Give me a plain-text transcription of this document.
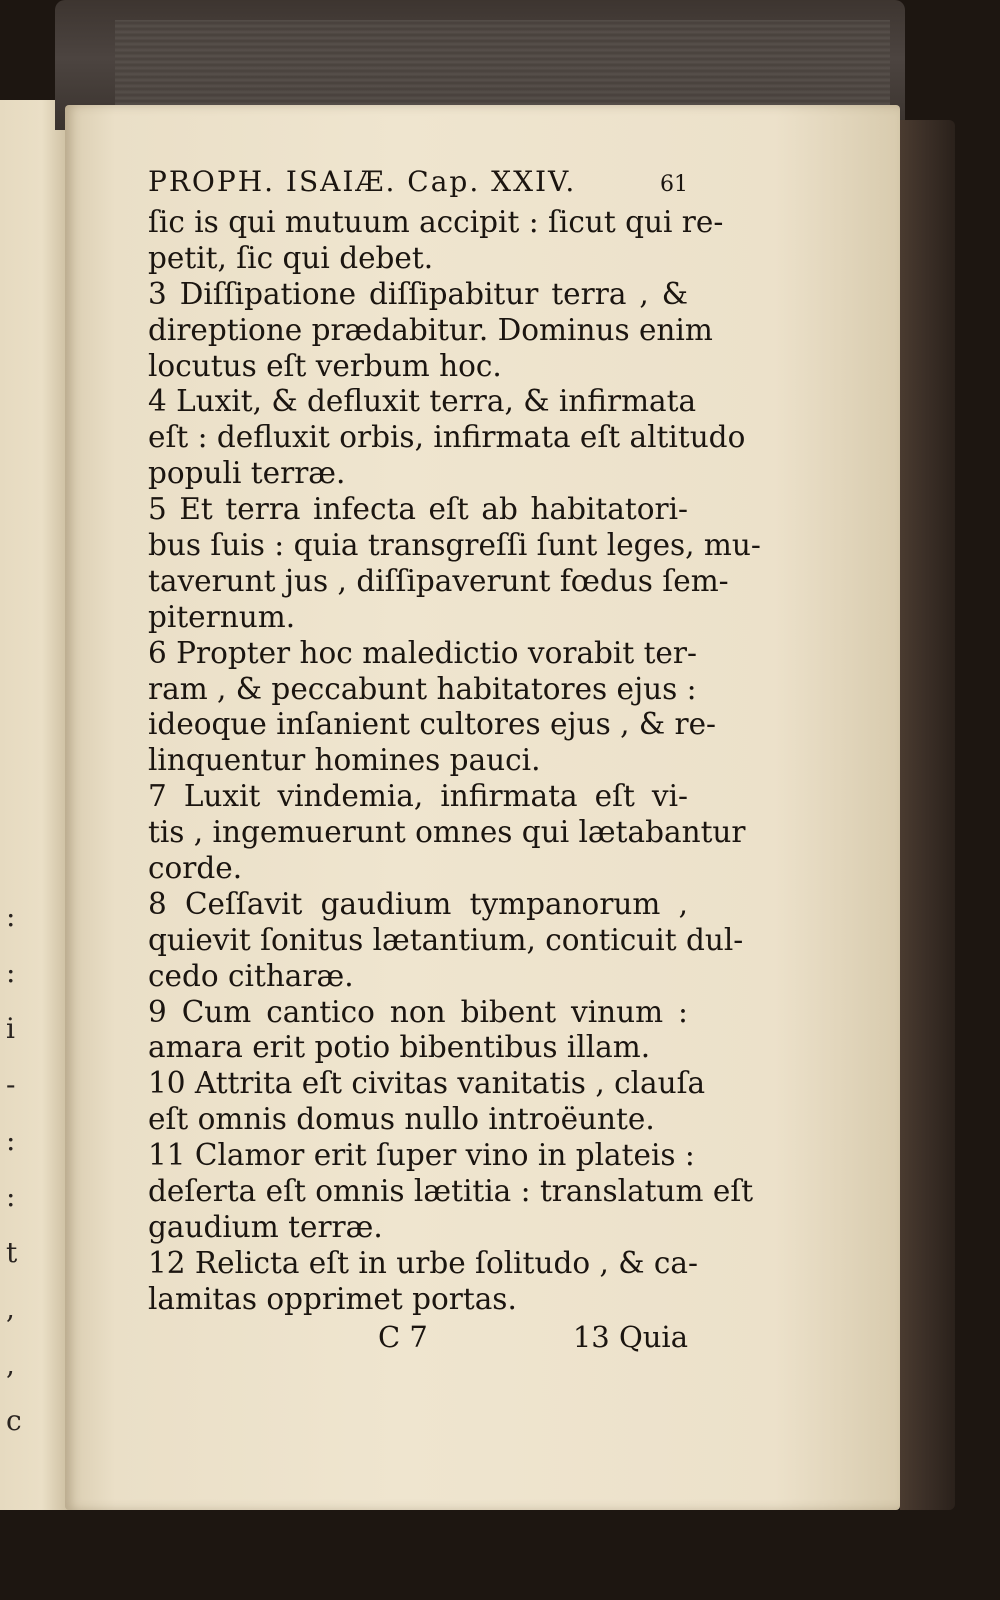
:
:
i
-
:
:
t
,
,
c
PROPH. ISAIÆ. Cap. XXIV.	61
ſic is qui mutuum accipit : ſicut qui re-
petit, ſic qui debet.
3 Diſſipatione diſſipabitur terra , &
direptione prædabitur. Dominus enim
locutus eſt verbum hoc.
4 Luxit, & defluxit terra, & infirmata
eſt : defluxit orbis, infirmata eſt altitudo
populi terræ.
5 Et terra infecta eſt ab habitatori-
bus ſuis : quia transgreſſi ſunt leges, mu-
taverunt jus , diſſipaverunt fœdus ſem-
piternum.
6 Propter hoc maledictio vorabit ter-
ram , & peccabunt habitatores ejus :
ideoque inſanient cultores ejus , & re-
linquentur homines pauci.
7 Luxit vindemia, infirmata eſt vi-
tis , ingemuerunt omnes qui lætabantur
corde.
8 Ceſſavit gaudium tympanorum ,
quievit ſonitus lætantium, conticuit dul-
cedo citharæ.
9 Cum cantico non bibent vinum :
amara erit potio bibentibus illam.
10 Attrita eſt civitas vanitatis , clauſa
eſt omnis domus nullo introëunte.
11 Clamor erit ſuper vino in plateis :
deſerta eſt omnis lætitia : translatum eſt
gaudium terræ.
12 Relicta eſt in urbe ſolitudo , & ca-
lamitas opprimet portas.
C 7	13 Quia
